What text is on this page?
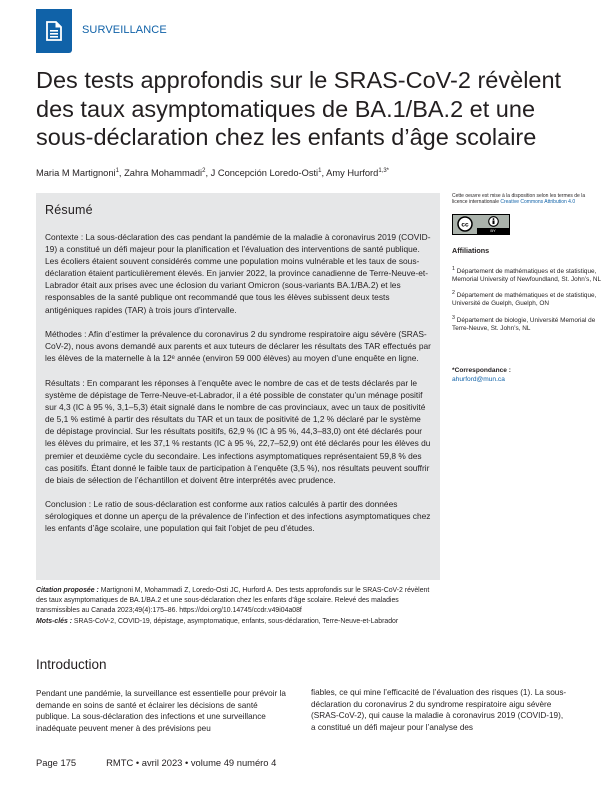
SURVEILLANCE
Des tests approfondis sur le SRAS-CoV-2 révèlent des taux asymptomatiques de BA.1/BA.2 et une sous-déclaration chez les enfants d’âge scolaire
Maria M Martignoni$^1$, Zahra Mohammadi$^2$, J Concepción Loredo-Osti$^1$, Amy Hurford$^{1,3*}$
Résumé

Contexte : La sous-déclaration des cas pendant la pandémie de la maladie à coronavirus 2019 (COVID-19) a constitué un défi majeur pour la planification et l’évaluation des interventions de santé publique. Les écoliers étaient souvent considérés comme une population moins vulnérable et les taux de sous-déclaration étaient particulièrement élevés. En janvier 2022, la province canadienne de Terre-Neuve-et-Labrador était aux prises avec une éclosion du variant Omicron (sous-variants BA.1/BA.2) et les responsables de la santé publique ont recommandé que tous les élèves subissent deux tests antigéniques rapides (TAR) à trois jours d’intervalle.

Méthodes : Afin d’estimer la prévalence du coronavirus 2 du syndrome respiratoire aigu sévère (SRAS-CoV-2), nous avons demandé aux parents et aux tuteurs de déclarer les résultats des TAR effectués par les élèves de la maternelle à la 12ᵉ année (environ 59 000 élèves) au moyen d’une enquête en ligne.

Résultats : En comparant les réponses à l’enquête avec le nombre de cas et de tests déclarés par le système de dépistage de Terre-Neuve-et-Labrador, il a été possible de constater qu’un ménage positif sur 4,3 (IC à 95 %, 3,1–5,3) était signalé dans le nombre de cas provinciaux, avec un taux de positivité de 5,1 % estimé à partir des résultats du TAR et un taux de positivité de 1,2 % déclaré par le système de dépistage provincial. Sur les résultats positifs, 62,9 % (IC à 95 %, 44,3–83,0) ont été déclarés pour les élèves du primaire, et les 37,1 % restants (IC à 95 %, 22,7–52,9) ont été déclarés pour les élèves du premier et deuxième cycle du secondaire. Les infections asymptomatiques représentaient 59,8 % des cas positifs. Étant donné le faible taux de participation à l’enquête (3,5 %), nos résultats peuvent souffrir de biais de sélection de l’échantillon et doivent être interprétés avec prudence.

Conclusion : Le ratio de sous-déclaration est conforme aux ratios calculés à partir des données sérologiques et donne un aperçu de la prévalence de l’infection et des infections asymptomatiques chez les enfants d’âge scolaire, une population qui fait l’objet de peu d’études.

Citation proposée : Martignoni M, Mohammadi Z, Loredo-Osti JC, Hurford A. Des tests approfondis sur le SRAS-CoV-2 révèlent des taux asymptomatiques de BA.1/BA.2 et une sous-déclaration chez les enfants d’âge scolaire. Relevé des maladies transmissibles au Canada 2023;49(4):175–86. https://doi.org/10.14745/ccdr.v49i04a08f
Mots-clés : SRAS-CoV-2, COVID-19, dépistage, asymptomatique, enfants, sous-déclaration, Terre-Neuve-et-Labrador
Cette oeuvre est mise à la disposition selon les termes de la licence internationale Creative Commons Attribution 4.0
cc
BY
Affiliations
$^1$ Département de mathématiques et de statistique, Memorial University of Newfoundland, St. John’s, NL
$^2$ Département de mathématiques et de statistique, Université de Guelph, Guelph, ON
$^3$ Département de biologie, Université Memorial de Terre-Neuve, St. John’s, NL
*Correspondance :
ahurford@mun.ca
Introduction

Pendant une pandémie, la surveillance est essentielle pour prévoir la demande en soins de santé et éclairer les décisions de santé publique. La sous-déclaration des infections et une surveillance inadéquate peuvent mener à des prévisions peu

fiables, ce qui mine l’efficacité de l’évaluation des risques (1). La sous-déclaration du coronavirus 2 du syndrome respiratoire aigu sévère (SRAS-CoV-2), qui cause la maladie à coronavirus 2019 (COVID-19), a constitué un défi majeur pour l’analyse des

Page 175	RMTC • avril 2023 • volume 49 numéro 4
